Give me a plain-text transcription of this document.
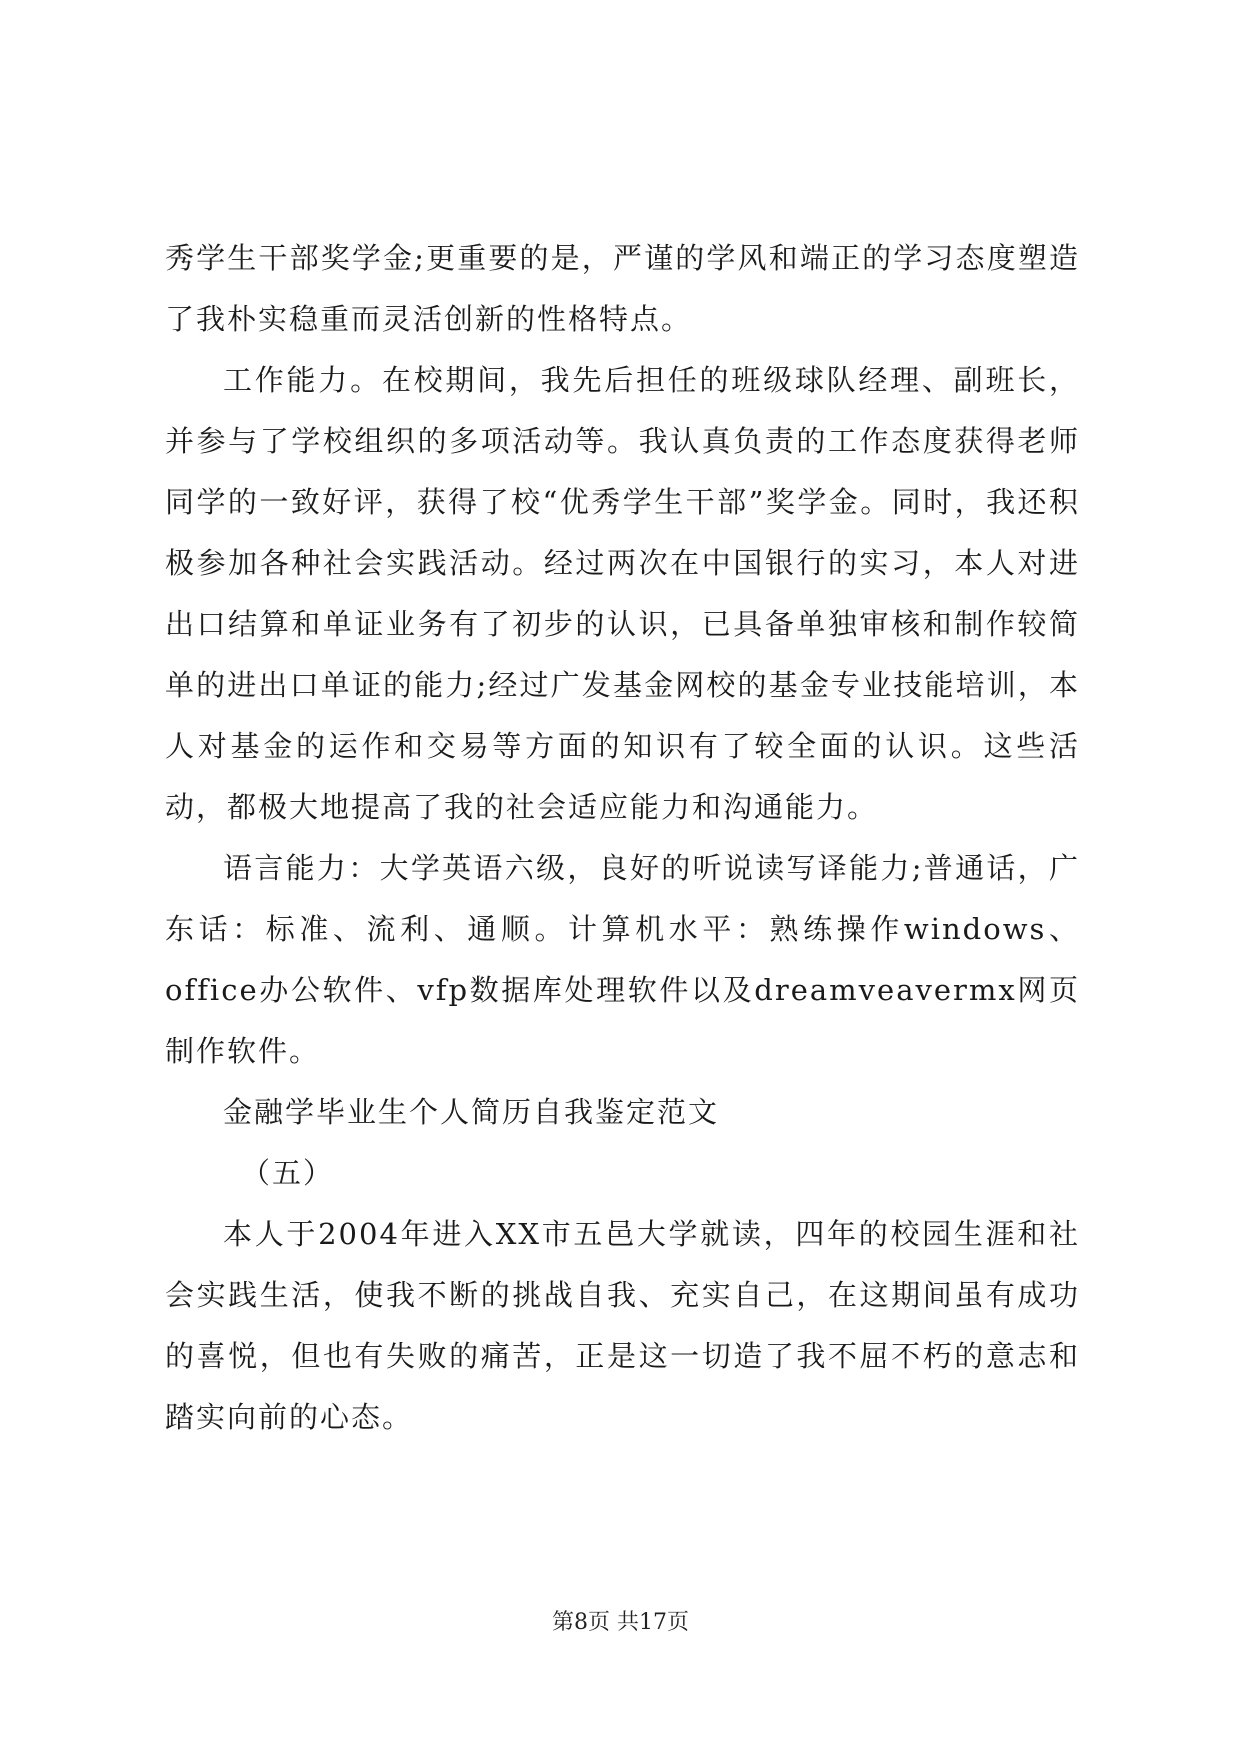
秀学生干部奖学金;更重要的是，严谨的学风和端正的学习态度塑造了我朴实稳重而灵活创新的性格特点。

工作能力。在校期间，我先后担任的班级球队经理、副班长，并参与了学校组织的多项活动等。我认真负责的工作态度获得老师同学的一致好评，获得了校“优秀学生干部”奖学金。同时，我还积极参加各种社会实践活动。经过两次在中国银行的实习，本人对进出口结算和单证业务有了初步的认识，已具备单独审核和制作较简单的进出口单证的能力;经过广发基金网校的基金专业技能培训，本人对基金的运作和交易等方面的知识有了较全面的认识。这些活动，都极大地提高了我的社会适应能力和沟通能力。

语言能力：大学英语六级，良好的听说读写译能力;普通话，广东话：标准、流利、通顺。计算机水平：熟练操作windows、office办公软件、vfp数据库处理软件以及dreamveavermx网页制作软件。

金融学毕业生个人简历自我鉴定范文

（五）

本人于2004年进入XX市五邑大学就读，四年的校园生涯和社会实践生活，使我不断的挑战自我、充实自己，在这期间虽有成功的喜悦，但也有失败的痛苦，正是这一切造了我不屈不朽的意志和踏实向前的心态。

第8页 共17页
